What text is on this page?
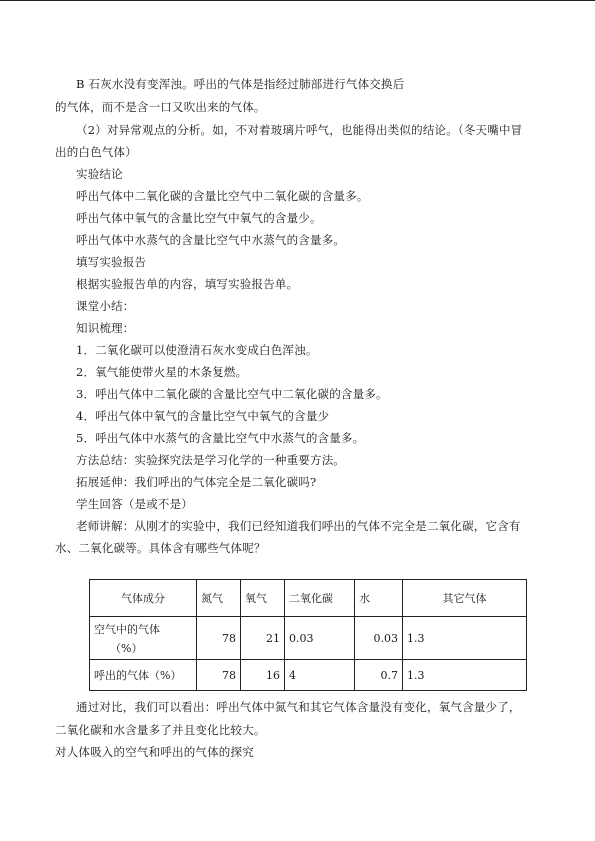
B 石灰水没有变浑浊。呼出的气体是指经过肺部进行气体交换后
的气体，而不是含一口又吹出来的气体。
（2）对异常观点的分析。如，不对着玻璃片呼气，也能得出类似的结论。（冬天嘴中冒
出的白色气体）
实验结论
呼出气体中二氧化碳的含量比空气中二氧化碳的含量多。
呼出气体中氧气的含量比空气中氧气的含量少。
呼出气体中水蒸气的含量比空气中水蒸气的含量多。
填写实验报告
根据实验报告单的内容，填写实验报告单。
课堂小结：
知识梳理：
1．二氧化碳可以使澄清石灰水变成白色浑浊。
2．氧气能使带火星的木条复燃。
3．呼出气体中二氧化碳的含量比空气中二氧化碳的含量多。
4．呼出气体中氧气的含量比空气中氧气的含量少
5．呼出气体中水蒸气的含量比空气中水蒸气的含量多。
方法总结：实验探究法是学习化学的一种重要方法。
拓展延伸：我们呼出的气体完全是二氧化碳吗?
学生回答（是或不是）
老师讲解：从刚才的实验中，我们已经知道我们呼出的气体不完全是二氧化碳，它含有
水、二氧化碳等。具体含有哪些气体呢？
气体成分	氮气	氧气	二氧化碳	水	其它气体
空气中的气体
（%）	78	21	0.03	0.03	1.3
呼出的气体（%）	78	16	4	0.7	1.3
通过对比，我们可以看出：呼出气体中氮气和其它气体含量没有变化，氧气含量少了，
二氧化碳和水含量多了并且变化比较大。
对人体吸入的空气和呼出的气体的探究
